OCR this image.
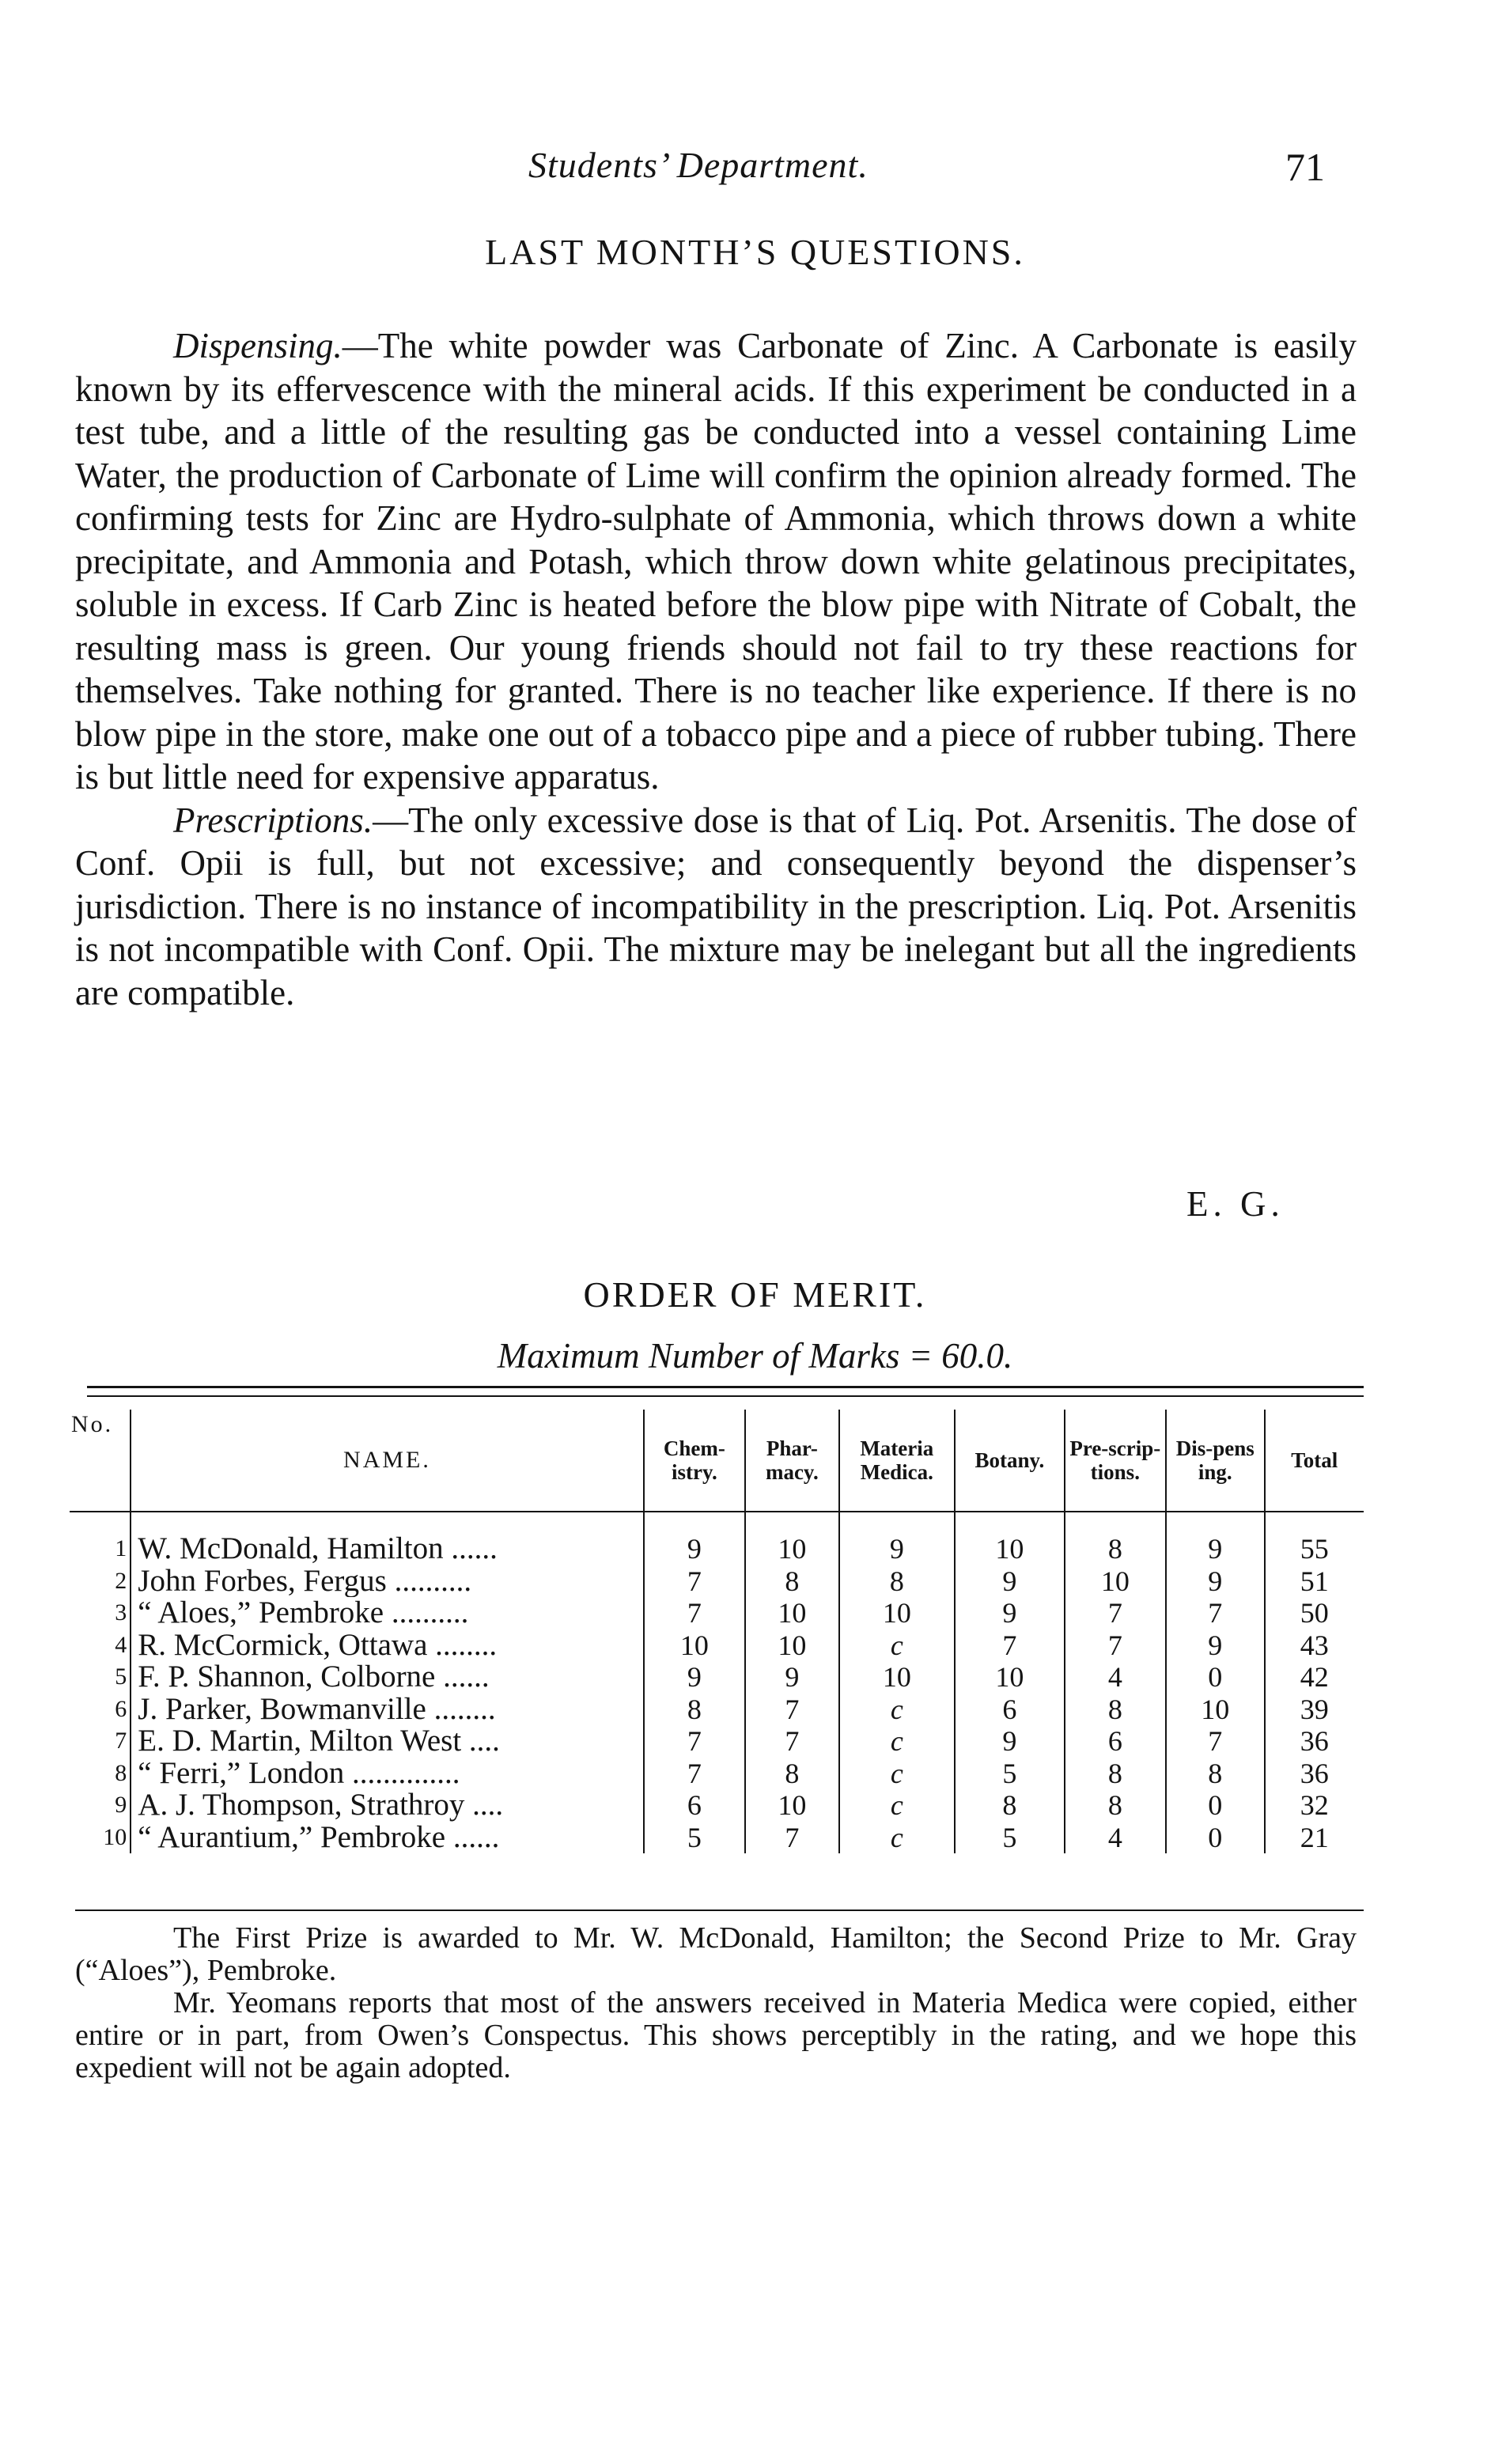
Students’ Department.	71
LAST MONTH’S QUESTIONS.

Dispensing.—The white powder was Carbonate of Zinc. A Carbonate is easily known by its effervescence with the mineral acids. If this experiment be conducted in a test tube, and a little of the resulting gas be conducted into a vessel containing Lime Water, the production of Carbonate of Lime will confirm the opinion already formed. The confirming tests for Zinc are Hydro-sulphate of Ammonia, which throws down a white precipitate, and Ammonia and Potash, which throw down white gelatinous precipitates, soluble in excess. If Carb Zinc is heated before the blow pipe with Nitrate of Cobalt, the resulting mass is green. Our young friends should not fail to try these reactions for themselves. Take nothing for granted. There is no teacher like experience. If there is no blow pipe in the store, make one out of a tobacco pipe and a piece of rubber tubing. There is but little need for expensive apparatus.

Prescriptions.—The only excessive dose is that of Liq. Pot. Arsenitis. The dose of Conf. Opii is full, but not excessive; and consequently beyond the dispenser’s jurisdiction. There is no instance of incompatibility in the prescription. Liq. Pot. Arsenitis is not incompatible with Conf. Opii. The mixture may be inelegant but all the ingredients are compatible.

E. G.
ORDER OF MERIT.
Maximum Number of Marks = 60.0.
No.	NAME.	Chem-istry.	Phar-macy.	Materia Medica.	Botany.	Pre-scrip-tions.	Dis-pens ing.	Total
1	W. McDonald, Hamilton ......	9	10	9	10	8	9	55
2	John Forbes, Fergus ..........	7	8	8	9	10	9	51
3	“ Aloes,” Pembroke ..........	7	10	10	9	7	7	50
4	R. McCormick, Ottawa ........	10	10	c	7	7	9	43
5	F. P. Shannon, Colborne ......	9	9	10	10	4	0	42
6	J. Parker, Bowmanville ........	8	7	c	6	8	10	39
7	E. D. Martin, Milton West ....	7	7	c	9	6	7	36
8	“ Ferri,” London ..............	7	8	c	5	8	8	36
9	A. J. Thompson, Strathroy ....	6	10	c	8	8	0	32
10	“ Aurantium,” Pembroke ......	5	7	c	5	4	0	21

The First Prize is awarded to Mr. W. McDonald, Hamilton; the Second Prize to Mr. Gray (“Aloes”), Pembroke.

Mr. Yeomans reports that most of the answers received in Materia Medica were copied, either entire or in part, from Owen’s Conspectus. This shows perceptibly in the rating, and we hope this expedient will not be again adopted.
